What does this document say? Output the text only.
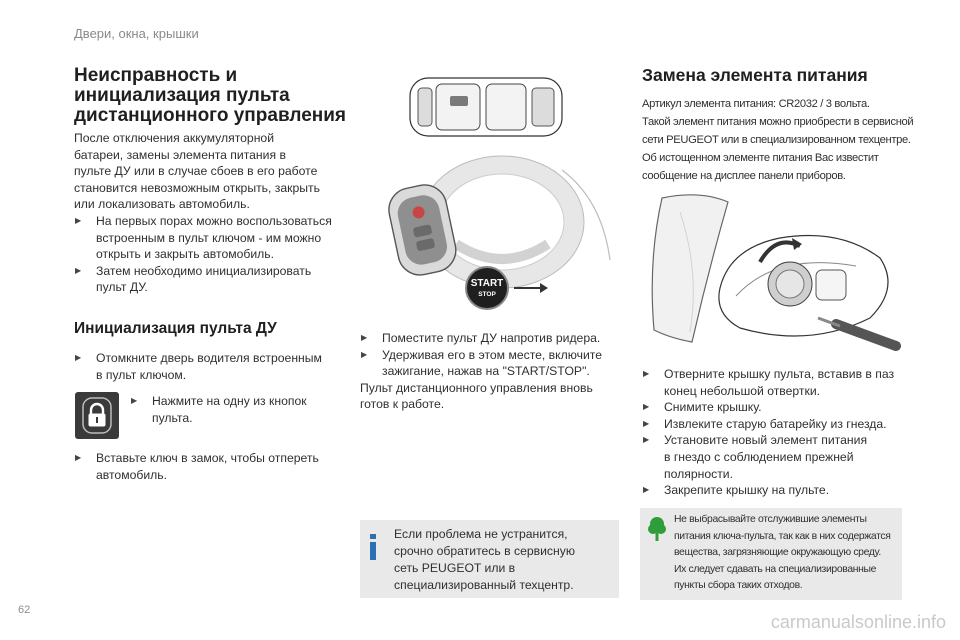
Двери, окна, крышки
Неисправность и
инициализация пульта
дистанционного управления
После отключения аккумуляторной
батареи, замены элемента питания в
пульте ДУ или в случае сбоев в его работе
становится невозможным открыть, закрыть
или локализовать автомобиль.
▶ На первых порах можно воспользоваться
встроенным в пульт ключом - им можно
открыть и закрыть автомобиль.
▶ Затем необходимо инициализировать
пульт ДУ.
Инициализация пульта ДУ
▶ Отомкните дверь водителя встроенным
в пульт ключом.
▶ Нажмите на одну из кнопок
пульта.
▶ Вставьте ключ в замок, чтобы отпереть
автомобиль.
START
STOP
▶ Поместите пульт ДУ напротив ридера.
▶ Удерживая его в этом месте, включите
зажигание, нажав на "START/STOP".
Пульт дистанционного управления вновь
готов к работе.
Если проблема не устранится,
срочно обратитесь в сервисную
сеть PEUGEOT или в
специализированный техцентр.
Замена элемента питания
Артикул элемента питания: CR2032 / 3 вольта.
Такой элемент питания можно приобрести в сервисной
сети PEUGEOT или в специализированном техцентре.
Об истощенном элементе питания Вас известит
сообщение на дисплее панели приборов.
▶ Отверните крышку пульта, вставив в паз
конец небольшой отвертки.
▶ Снимите крышку.
▶ Извлеките старую батарейку из гнезда.
▶ Установите новый элемент питания
в гнездо с соблюдением прежней
полярности.
▶ Закрепите крышку на пульте.
Не выбрасывайте отслужившие элементы
питания ключа-пульта, так как в них содержатся
вещества, загрязняющие окружающую среду.
Их следует сдавать на специализированные
пункты сбора таких отходов.
62
carmanualsonline.info
